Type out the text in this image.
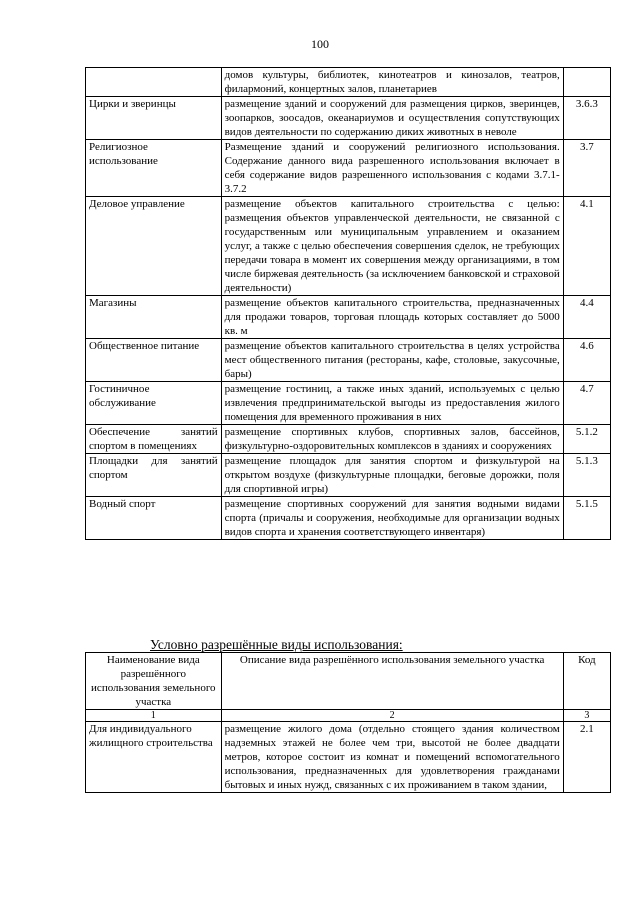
100
	домов культуры, библиотек, кинотеатров и кинозалов, театров, филармоний, концертных залов, планетариев	
Цирки и зверинцы	размещение зданий и сооружений для размещения цирков, зверинцев, зоопарков, зоосадов, океанариумов и осуществления сопутствующих видов деятельности по содержанию диких животных в неволе	3.6.3
Религиозное использование	Размещение зданий и сооружений религиозного использования. Содержание данного вида разрешенного использования включает в себя содержание видов разрешенного использования с кодами 3.7.1-3.7.2	3.7
Деловое управление	размещение объектов капитального строительства с целью: размещения объектов управленческой деятельности, не связанной с государственным или муниципальным управлением и оказанием услуг, а также с целью обеспечения совершения сделок, не требующих передачи товара в момент их совершения между организациями, в том числе биржевая деятельность (за исключением банковской и страховой деятельности)	4.1
Магазины	размещение объектов капитального строительства, предназначенных для продажи товаров, торговая площадь которых составляет до 5000 кв. м	4.4
Общественное питание	размещение объектов капитального строительства в целях устройства мест общественного питания (рестораны, кафе, столовые, закусочные, бары)	4.6
Гостиничное обслуживание	размещение гостиниц, а также иных зданий, используемых с целью извлечения предпринимательской выгоды из предоставления жилого помещения для временного проживания в них	4.7
Обеспечение занятий спортом в помещениях	размещение спортивных клубов, спортивных залов, бассейнов, физкультурно-оздоровительных комплексов в зданиях и сооружениях	5.1.2
Площадки для занятий спортом	размещение площадок для занятия спортом и физкультурой на открытом воздухе (физкультурные площадки, беговые дорожки, поля для спортивной игры)	5.1.3
Водный спорт	размещение спортивных сооружений для занятия водными видами спорта (причалы и сооружения, необходимые для организации водных видов спорта и хранения соответствующего инвентаря)	5.1.5
Условно разрешённые виды использования:
Наименование вида разрешённого использования земельного участка	Описание вида разрешённого использования земельного участка	Код
1	2	3
Для индивидуального жилищного строительства	размещение жилого дома (отдельно стоящего здания количеством надземных этажей не более чем три, высотой не более двадцати метров, которое состоит из комнат и помещений вспомогательного использования, предназначенных для удовлетворения гражданами бытовых и иных нужд, связанных с их проживанием в таком здании,	2.1
